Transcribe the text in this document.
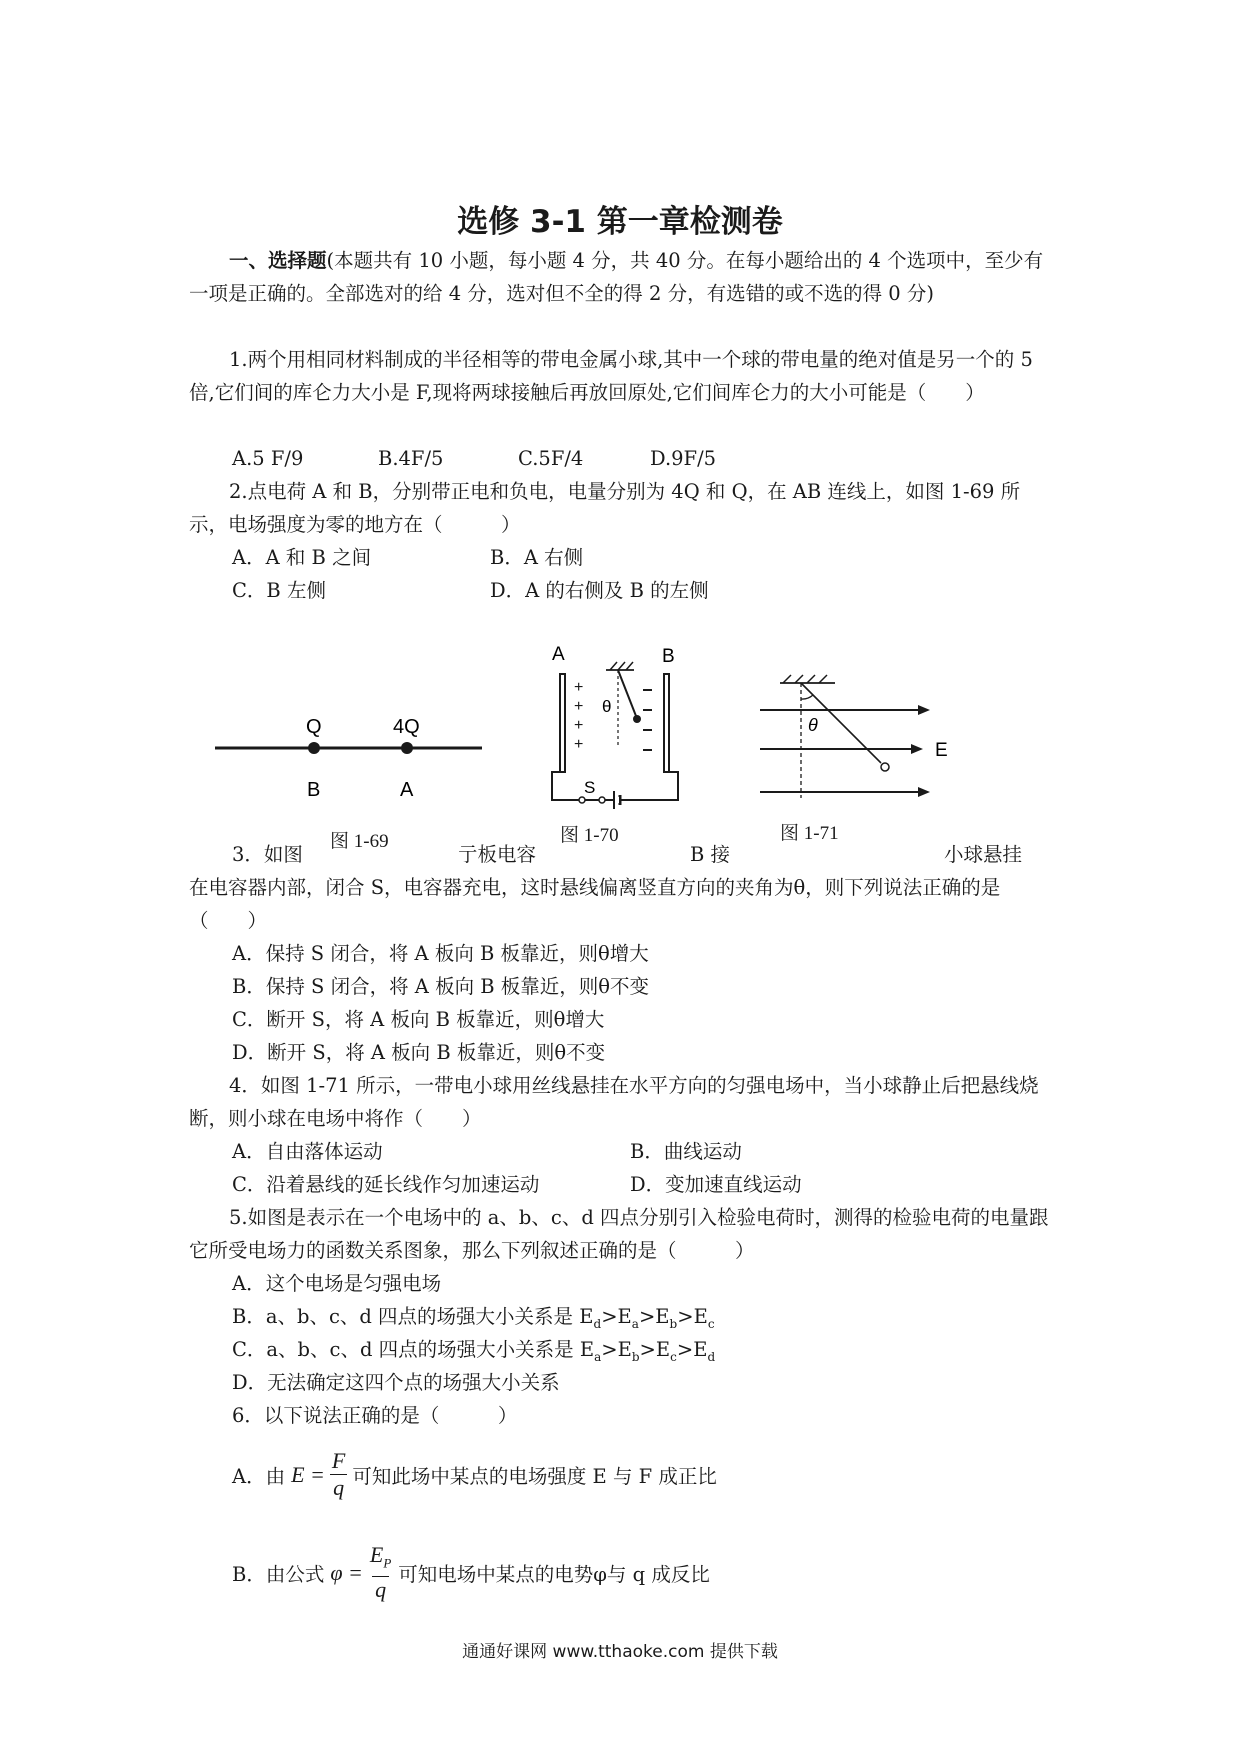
选修 3-1 第一章检测卷
一、选择题(本题共有 10 小题，每小题 4 分，共 40 分。在每小题给出的 4 个选项中，至少有一项是正确的。全部选对的给 4 分，选对但不全的得 2 分，有选错的或不选的得 0 分)
1.两个用相同材料制成的半径相等的带电金属小球,其中一个球的带电量的绝对值是另一个的 5 倍,它们间的库仑力大小是 F,现将两球接触后再放回原处,它们间库仑力的大小可能是（　　）
A.5 F/9	B.4F/5	C.5F/4	D.9F/5
2.点电荷 A 和 B，分别带正电和负电，电量分别为 4Q 和 Q，在 AB 连线上，如图 1-69 所示，电场强度为零的地方在（　　　）
A．A 和 B 之间	B．A 右侧
C．B 左侧	D．A 的右侧及 B 的左侧
Q	4Q
B	A
图 1-69
A	B
+
+
+
+
θ
S
图 1-70
θ
E
图 1-71
3．如图	亍板电容	B 接	小球悬挂
在电容器内部，闭合 S，电容器充电，这时悬线偏离竖直方向的夹角为θ，则下列说法正确的是（　　）
A．保持 S 闭合，将 A 板向 B 板靠近，则θ增大
B．保持 S 闭合，将 A 板向 B 板靠近，则θ不变
C．断开 S，将 A 板向 B 板靠近，则θ增大
D．断开 S，将 A 板向 B 板靠近，则θ不变
4．如图 1-71 所示，一带电小球用丝线悬挂在水平方向的匀强电场中，当小球静止后把悬线烧断，则小球在电场中将作（　　）
A．自由落体运动	B．曲线运动
C．沿着悬线的延长线作匀加速运动	D．变加速直线运动
5.如图是表示在一个电场中的 a、b、c、d 四点分别引入检验电荷时，测得的检验电荷的电量跟它所受电场力的函数关系图象，那么下列叙述正确的是（　　　）
A．这个电场是匀强电场
B．a、b、c、d 四点的场强大小关系是 $E_d>E_a>E_b>E_c$
C．a、b、c、d 四点的场强大小关系是 $E_a>E_b>E_c>E_d$
D．无法确定这四个点的场强大小关系
6．以下说法正确的是（　　　）
A．由 $E = \frac{F}{q}$ 可知此场中某点的电场强度 E 与 F 成正比
B．由公式 $\varphi = \frac{E_P}{q}$ 可知电场中某点的电势φ与 q 成反比
通通好课网 www.tthaoke.com 提供下载
